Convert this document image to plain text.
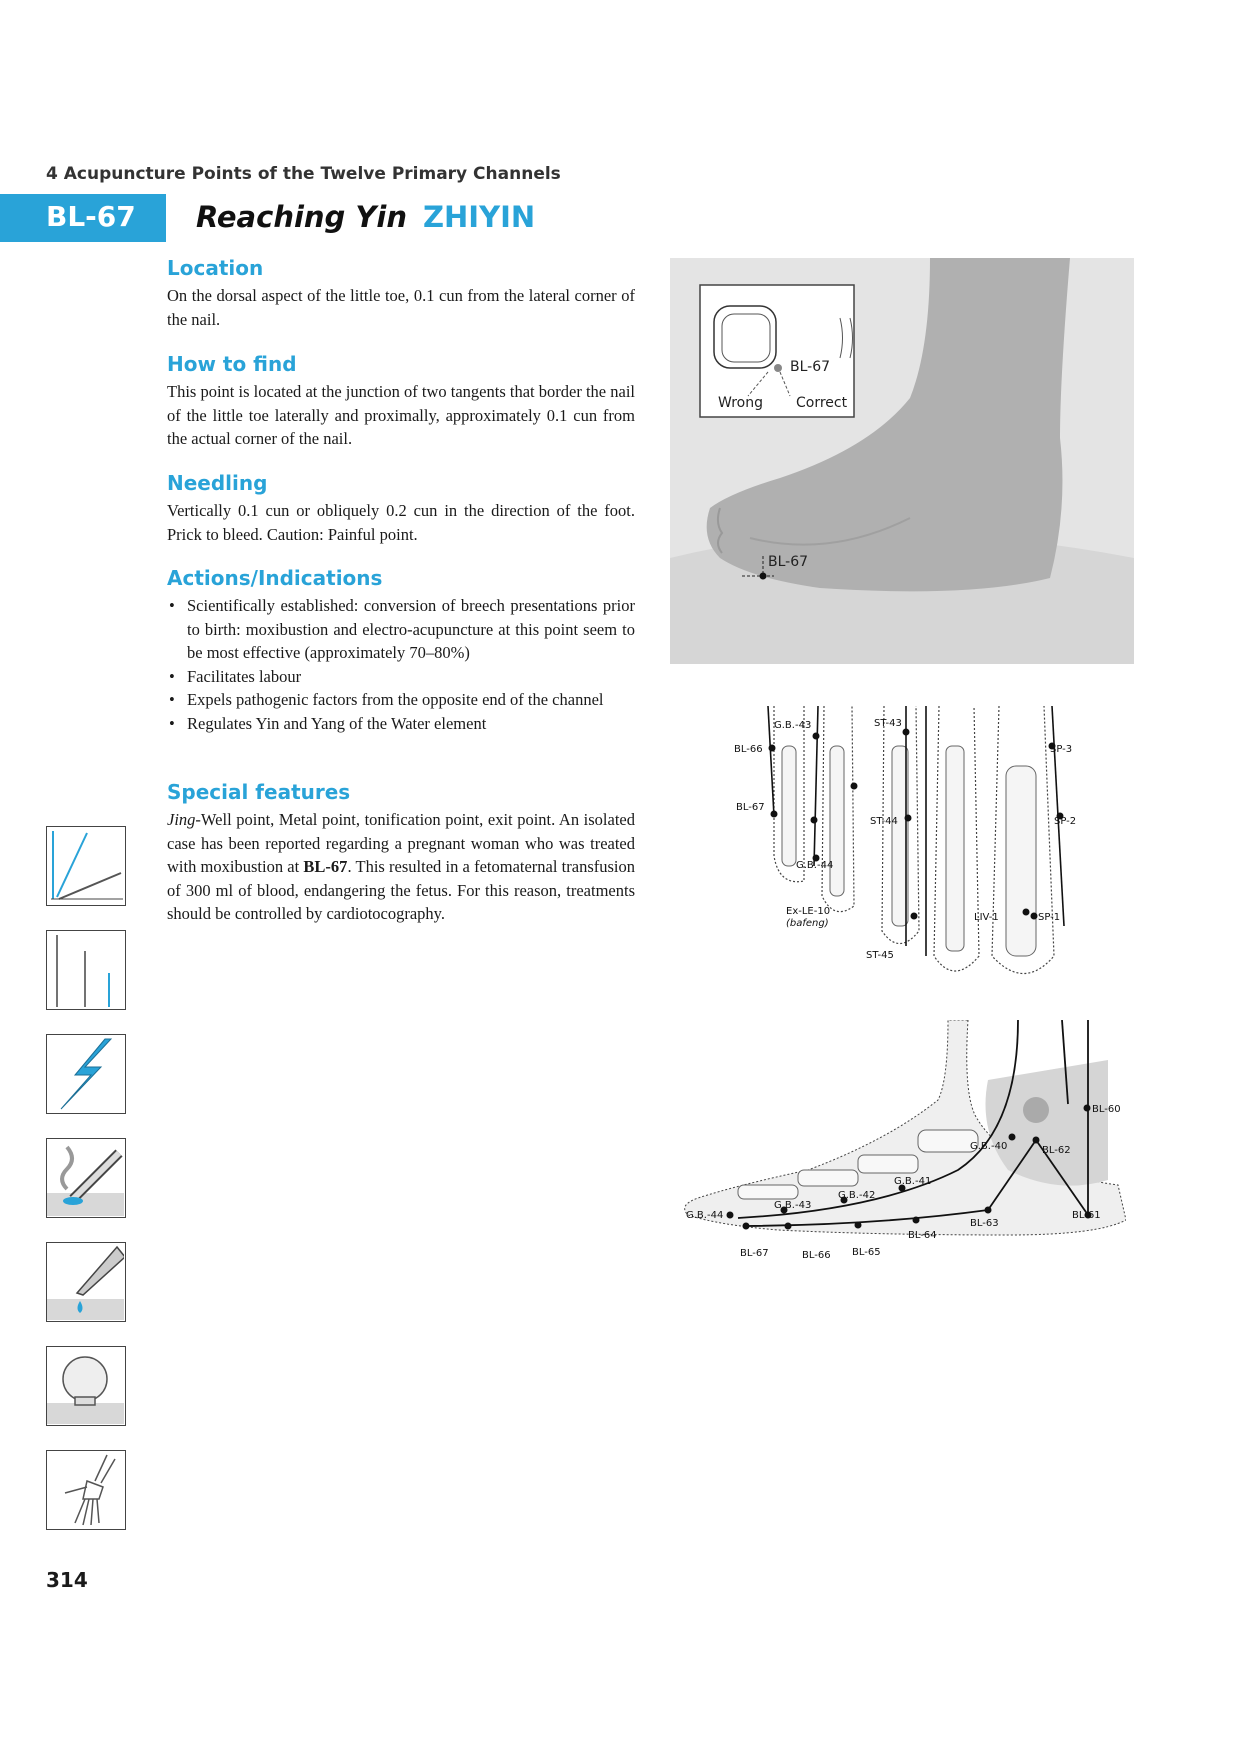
4 Acupuncture Points of the Twelve Primary Channels
BL-67 Reaching Yin ZHIYIN
Location

On the dorsal aspect of the little toe, 0.1 cun from the lateral corner of the nail.

How to find

This point is located at the junction of two tangents that border the nail of the little toe laterally and proximally, approximately 0.1 cun from the actual corner of the nail.

Needling

Vertically 0.1 cun or obliquely 0.2 cun in the direction of the foot. Prick to bleed. Caution: Painful point.

Actions/Indications
• Scientifically established: conversion of breech presentations prior to birth: moxibustion and electro-acupuncture at this point seem to be most effective (approximately 70–80%)
• Facilitates labour
• Expels pathogenic factors from the opposite end of the channel
• Regulates Yin and Yang of the Water element
Special features

Jing-Well point, Metal point, tonification point, exit point. An isolated case has been reported regarding a pregnant woman who was treated with moxibustion at BL-67. This resulted in a fetomaternal transfusion of 300 ml of blood, endangering the fetus. For this reason, treatments should be controlled by cardiotocography.

BL-67
Wrong Correct
BL-67
G.B.-43	ST-43
BL-66	SP-3
BL-67
ST-44	SP-2
G.B.-44
Ex-LE-10
(bafeng)
LIV-1	SP-1
ST-45
BL-60
G.B.-40	BL-62
G.B.-41
G.B.-42
G.B.-43
G.B.-44	BL-61
BL-63
BL-64
BL-67	BL-66 BL-65
314
